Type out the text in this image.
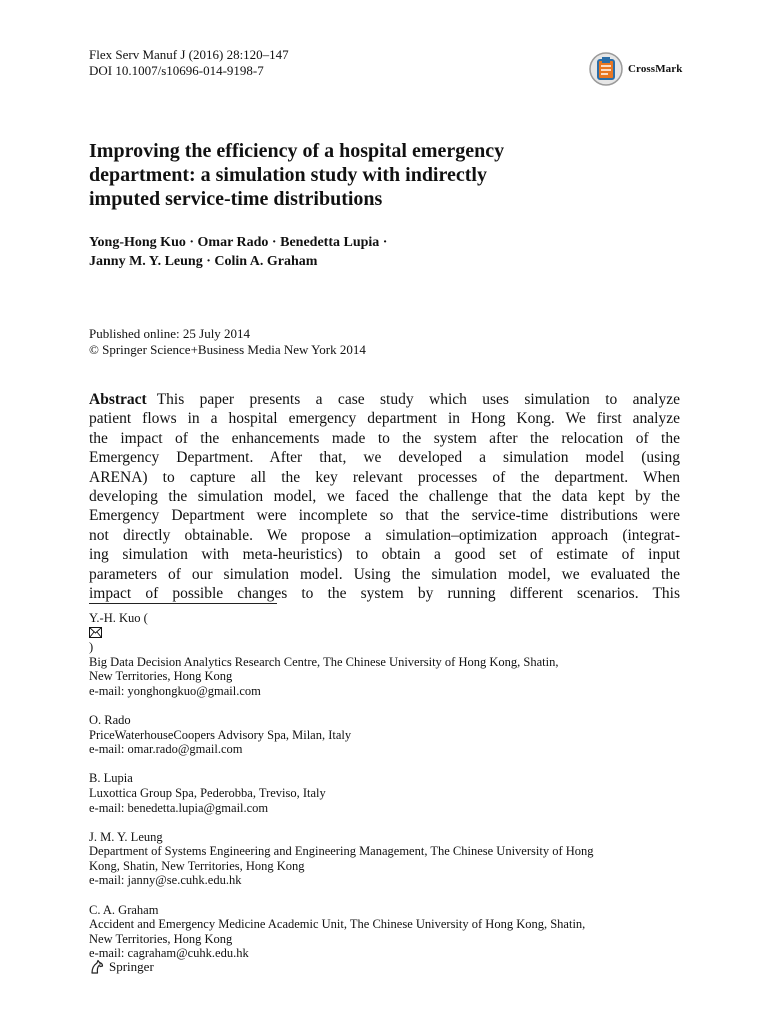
Flex Serv Manuf J (2016) 28:120–147
DOI 10.1007/s10696-014-9198-7	CrossMark
Improving the efficiency of a hospital emergency
department: a simulation study with indirectly
imputed service-time distributions
Yong-Hong Kuo · Omar Rado · Benedetta Lupia ·
Janny M. Y. Leung · Colin A. Graham
Published online: 25 July 2014
© Springer Science+Business Media New York 2014
Abstract This paper presents a case study which uses simulation to analyze
patient flows in a hospital emergency department in Hong Kong. We first analyze
the impact of the enhancements made to the system after the relocation of the
Emergency Department. After that, we developed a simulation model (using
ARENA) to capture all the key relevant processes of the department. When
developing the simulation model, we faced the challenge that the data kept by the
Emergency Department were incomplete so that the service-time distributions were
not directly obtainable. We propose a simulation–optimization approach (integrat-
ing simulation with meta-heuristics) to obtain a good set of estimate of input
parameters of our simulation model. Using the simulation model, we evaluated the
impact of possible changes to the system by running different scenarios. This
Y.-H. Kuo (
)
Big Data Decision Analytics Research Centre, The Chinese University of Hong Kong, Shatin,
New Territories, Hong Kong
e-mail: yonghongkuo@gmail.com
O. Rado
PriceWaterhouseCoopers Advisory Spa, Milan, Italy
e-mail: omar.rado@gmail.com
B. Lupia
Luxottica Group Spa, Pederobba, Treviso, Italy
e-mail: benedetta.lupia@gmail.com
J. M. Y. Leung
Department of Systems Engineering and Engineering Management, The Chinese University of Hong
Kong, Shatin, New Territories, Hong Kong
e-mail: janny@se.cuhk.edu.hk
C. A. Graham
Accident and Emergency Medicine Academic Unit, The Chinese University of Hong Kong, Shatin,
New Territories, Hong Kong
e-mail: cagraham@cuhk.edu.hk
Springer
